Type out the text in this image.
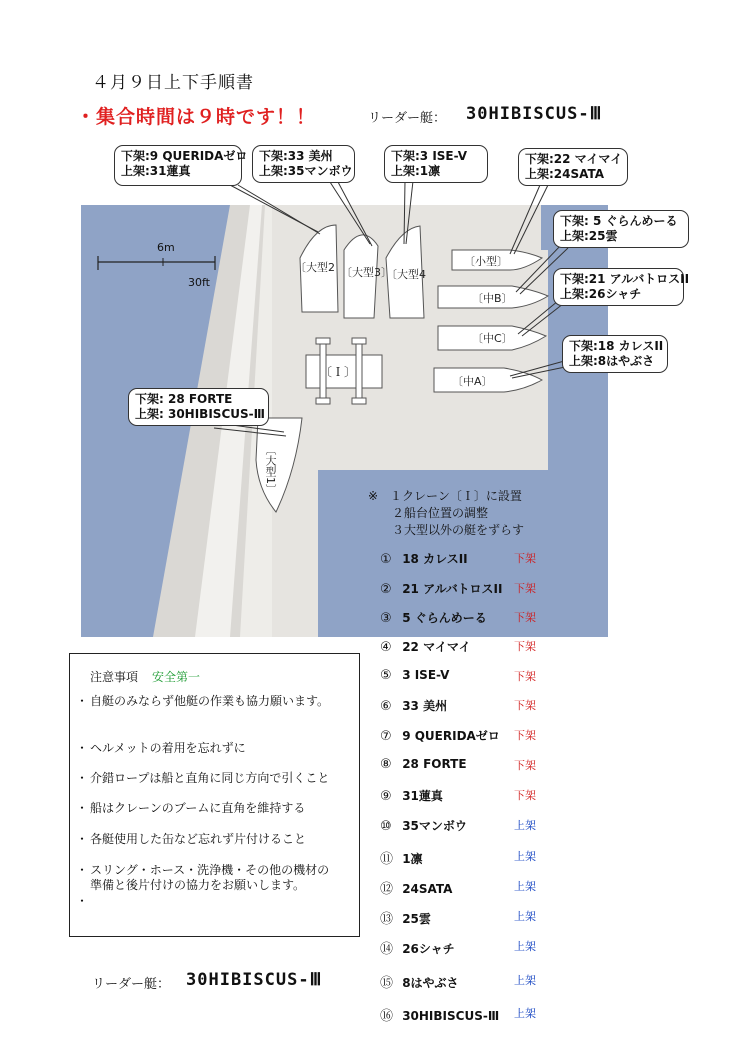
４月９日上下手順書
・集合時間は９時です！！	リーダー艇： 30HIBISCUS-Ⅲ
6m
30ft
〔Ｉ〕
〔大型2 〔大型3〕
〔大型4
〔大型1〕
〔小型〕
〔中B〕
〔中C〕
〔中A〕
下架:9 QUERIDAゼロ
上架:31蓮真
下架:33 美州
上架:35マンボウ
下架:3 ISE-V
上架:1凛
下架:22 マイマイ
上架:24SATA
下架: 5 ぐらんめーる
上架:25雲
下架:21 アルバトロスII
上架:26シャチ
下架:18 カレスII
上架:8はやぶさ
下架: 28 FORTE
上架: 30HIBISCUS-Ⅲ
※　１クレーン〔Ｉ〕に設置
　　２船台位置の調整
　　３大型以外の艇をずらす
① 18 カレスII	下架
② 21 アルバトロスII 下架
③ 5 ぐらんめーる 下架
④ 22 マイマイ	下架
⑤ 3 ISE-V	下架
⑥ 33 美州	下架
⑦ 9 QUERIDAゼロ 下架
⑧ 28 FORTE	下架
⑨ 31蓮真	下架
⑩ 35マンボウ	上架
⑪ 1凛	上架
⑫ 24SATA	上架
⑬ 25雲	上架
⑭ 26シャチ	上架
⑮ 8はやぶさ	上架
⑯ 30HIBISCUS-Ⅲ 上架
注意事項 安全第一
・ 自艇のみならず他艇の作業も協力願います。
・ ヘルメットの着用を忘れずに
・ 介錯ロープは船と直角に同じ方向で引くこと
・ 船はクレーンのブームに直角を維持する
・ 各艇使用した缶など忘れず片付けること
・ スリング・ホース・洗浄機・その他の機材の準備と後片付けの協力をお願いします。
・
リーダー艇： 30HIBISCUS-Ⅲ
